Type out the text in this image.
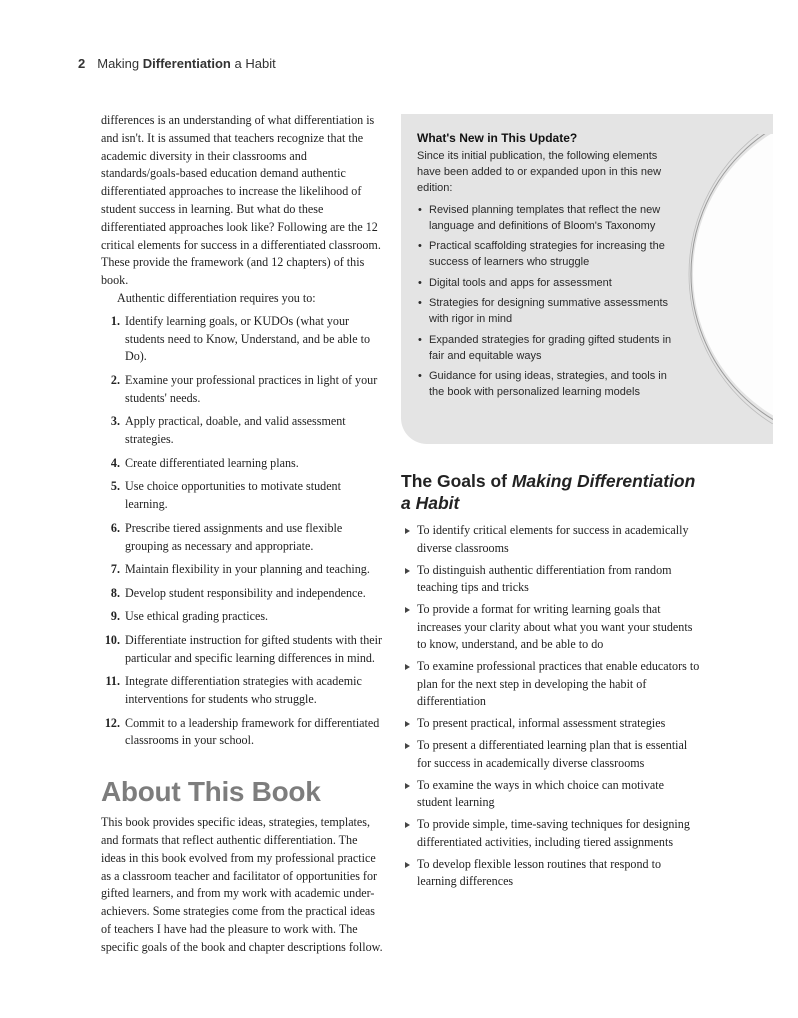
2 Making Differentiation a Habit

differences is an understanding of what differentiation is and isn't. It is assumed that teachers recognize that the academic diversity in their classrooms and standards/goals-based education demand authentic differentiated approaches to increase the likelihood of student success in learning. But what do these differentiated approaches look like? Following are the 12 critical elements for success in a differentiated classroom. These provide the framework (and 12 chapters) of this book.

Authentic differentiation requires you to:

1. Identify learning goals, or KUDOs (what your students need to Know, Understand, and be able to Do).
2. Examine your professional practices in light of your students' needs.
3. Apply practical, doable, and valid assessment strategies.
4. Create differentiated learning plans.
5. Use choice opportunities to motivate student learning.
6. Prescribe tiered assignments and use flexible grouping as necessary and appropriate.
7. Maintain flexibility in your planning and teaching.
8. Develop student responsibility and independence.
9. Use ethical grading practices.
10. Differentiate instruction for gifted students with their particular and specific learning differences in mind.
11. Integrate differentiation strategies with academic interventions for students who struggle.
12. Commit to a leadership framework for differentiated classrooms in your school.
About This Book

This book provides specific ideas, strategies, templates, and formats that reflect authentic differentiation. The ideas in this book evolved from my professional practice as a classroom teacher and facilitator of opportunities for gifted learners, and from my work with academic under-achievers. Some strategies come from the practical ideas of teachers I have had the pleasure to work with. The specific goals of the book and chapter descriptions follow.

What's New in This Update?
Since its initial publication, the following elements have been added to or expanded upon in this new edition:
• Revised planning templates that reflect the new language and definitions of Bloom's Taxonomy
• Practical scaffolding strategies for increasing the success of learners who struggle
• Digital tools and apps for assessment
• Strategies for designing summative assessments with rigor in mind
• Expanded strategies for grading gifted students in fair and equitable ways
• Guidance for using ideas, strategies, and tools in the book with personalized learning models
The Goals of Making Differentiation a Habit
To identify critical elements for success in academically diverse classrooms
To distinguish authentic differentiation from random teaching tips and tricks
To provide a format for writing learning goals that increases your clarity about what you want your students to know, understand, and be able to do
To examine professional practices that enable educators to plan for the next step in developing the habit of differentiation
To present practical, informal assessment strategies
To present a differentiated learning plan that is essential for success in academically diverse classrooms
To examine the ways in which choice can motivate student learning
To provide simple, time-saving techniques for designing differentiated activities, including tiered assignments
To develop flexible lesson routines that respond to learning differences
